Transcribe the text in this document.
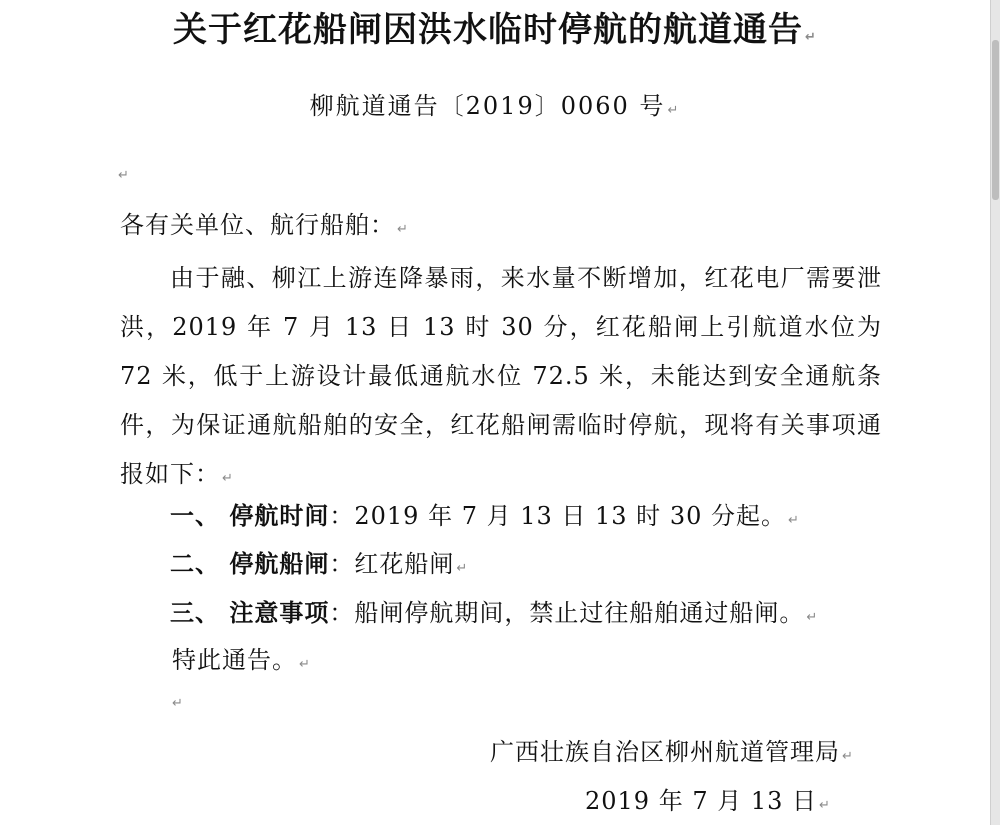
关于红花船闸因洪水临时停航的航道通告 ↵
柳航道通告〔2019〕0060 号 ↵
↵
各有关单位、航行船舶： ↵
由于融、柳江上游连降暴雨，来水量不断增加，红花电厂需要泄洪，2019 年 7 月 13 日 13 时 30 分，红花船闸上引航道水位为 72 米，低于上游设计最低通航水位 72.5 米，未能达到安全通航条件，为保证通航船舶的安全，红花船闸需临时停航，现将有关事项通报如下： ↵
一、 停航时间：2019 年 7 月 13 日 13 时 30 分起。 ↵
二、 停航船闸：红花船闸 ↵
三、 注意事项：船闸停航期间，禁止过往船舶通过船闸。 ↵
特此通告。 ↵
↵
广西壮族自治区柳州航道管理局 ↵
2019 年 7 月 13 日 ↵
